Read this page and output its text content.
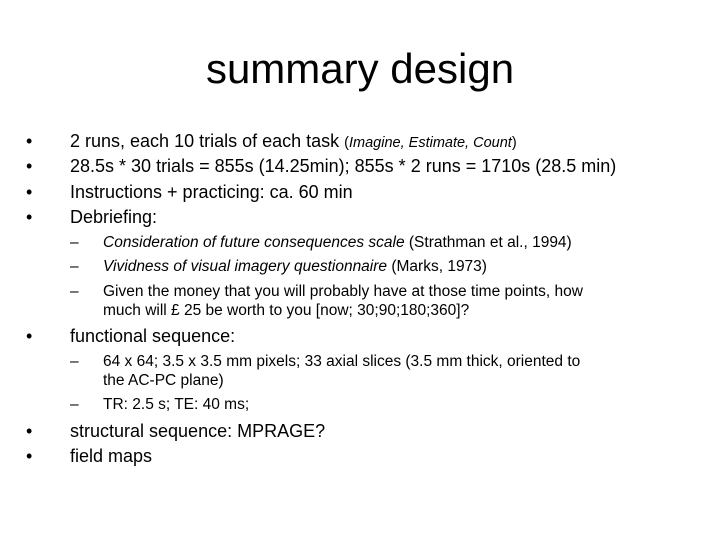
summary design
• 2 runs, each 10 trials of each task (Imagine, Estimate, Count)
• 28.5s * 30 trials = 855s (14.25min); 855s * 2 runs = 1710s (28.5 min)
• Instructions + practicing: ca. 60 min
• Debriefing:
– Consideration of future consequences scale (Strathman et al., 1994)
– Vividness of visual imagery questionnaire (Marks, 1973)
– Given the money that you will probably have at those time points, how
much will £ 25 be worth to you [now; 30;90;180;360]?
• functional sequence:
– 64 x 64; 3.5 x 3.5 mm pixels; 33 axial slices (3.5 mm thick, oriented to
the AC-PC plane)
– TR: 2.5 s; TE: 40 ms;
• structural sequence: MPRAGE?
• field maps
